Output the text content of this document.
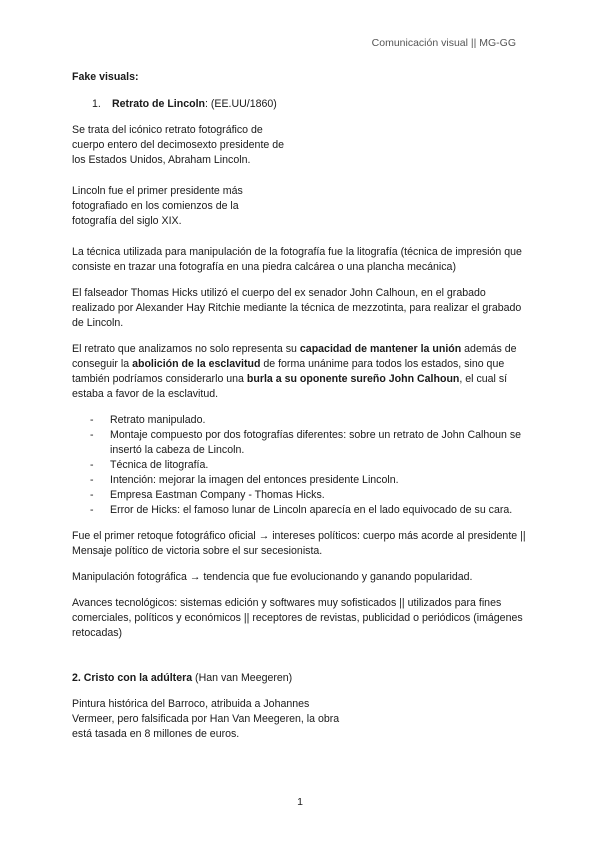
Comunicación visual || MG-GG

Fake visuals:

1. Retrato de Lincoln: (EE.UU/1860)

Se trata del icónico retrato fotográfico de
cuerpo entero del decimosexto presidente de
los Estados Unidos, Abraham Lincoln.

Lincoln fue el primer presidente más
fotografiado en los comienzos de la
fotografía del siglo XIX.

La técnica utilizada para manipulación de la fotografía fue la litografía (técnica de impresión que consiste en trazar una fotografía en una piedra calcárea o una plancha mecánica)

El falseador Thomas Hicks utilizó el cuerpo del ex senador John Calhoun, en el grabado realizado por Alexander Hay Ritchie mediante la técnica de mezzotinta, para realizar el grabado de Lincoln.

El retrato que analizamos no solo representa su capacidad de mantener la unión además de conseguir la abolición de la esclavitud de forma unánime para todos los estados, sino que también podríamos considerarlo una burla a su oponente sureño John Calhoun, el cual sí estaba a favor de la esclavitud.

- Retrato manipulado.
- Montaje compuesto por dos fotografías diferentes: sobre un retrato de John Calhoun se insertó la cabeza de Lincoln.
- Técnica de litografía.
- Intención: mejorar la imagen del entonces presidente Lincoln.
- Empresa Eastman Company - Thomas Hicks.
- Error de Hicks: el famoso lunar de Lincoln aparecía en el lado equivocado de su cara.

Fue el primer retoque fotográfico oficial → intereses políticos: cuerpo más acorde al presidente || Mensaje político de victoria sobre el sur secesionista.

Manipulación fotográfica → tendencia que fue evolucionando y ganando popularidad.

Avances tecnológicos: sistemas edición y softwares muy sofisticados || utilizados para fines comerciales, políticos y económicos || receptores de revistas, publicidad o periódicos (imágenes retocadas)

2. Cristo con la adúltera (Han van Meegeren)

Pintura histórica del Barroco, atribuida a Johannes
Vermeer, pero falsificada por Han Van Meegeren, la obra
está tasada en 8 millones de euros.

1
